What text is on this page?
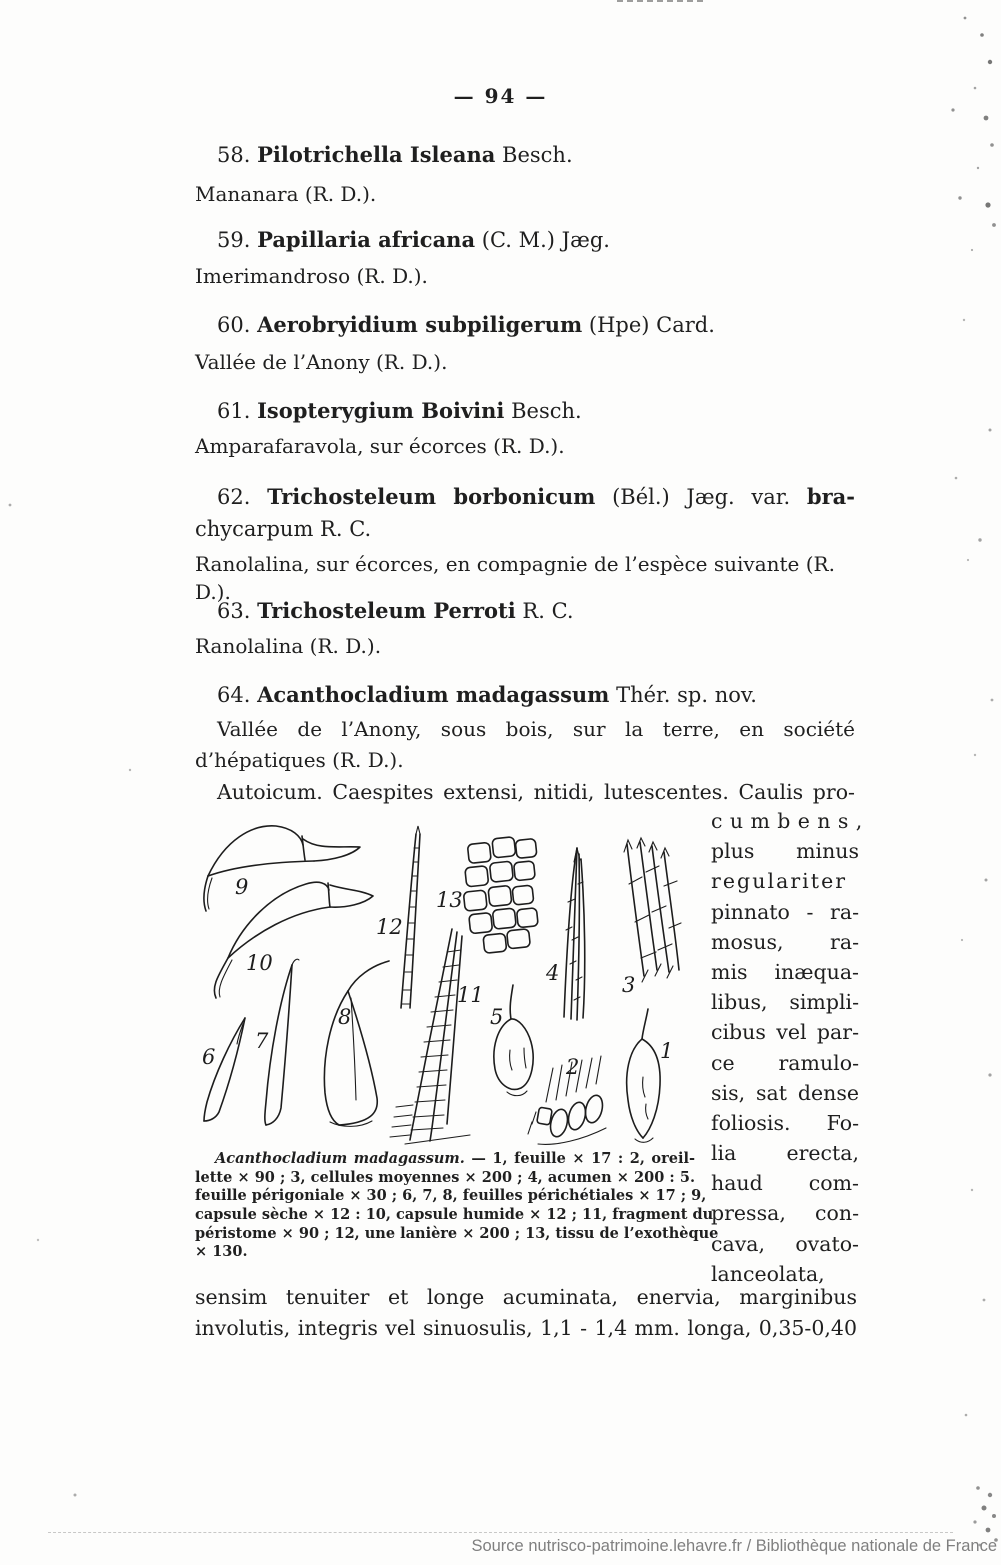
— 94 —
58. Pilotrichella Isleana Besch.
Mananara (R. D.).
59. Papillaria africana (C. M.) Jæg.
Imerimandroso (R. D.).
60. Aerobryidium subpiligerum (Hpe) Card.
Vallée de l’Anony (R. D.).
61. Isopterygium Boivini Besch.
Amparafaravola, sur écorces (R. D.).
62. Trichosteleum borbonicum (Bél.) Jæg. var. bra-
chycarpum R. C.
Ranolalina, sur écorces, en compagnie de l’espèce suivante (R. D.).
63. Trichosteleum Perroti R. C.
Ranolalina (R. D.).
64. Acanthocladium madagassum Thér. sp. nov.
Vallée de l’Anony, sous bois, sur la terre, en société d’hépatiques (R. D.).
Autoicum. Caespites extensi, nitidi, lutescentes. Caulis pro-
9
10
12
13
4	3
6
7
8
11
5
2
1
cumbens,
plus minus
regulariter
pinnato - ra-
mosus, ra-
mis inæqua-
libus, simpli-
cibus vel par-
ce ramulo-
sis, sat dense
foliosis. Fo-
lia erecta,
haud com-
pressa, con-
cava, ovato-
lanceolata,
Acanthocladium madagassum. — 1, feuille × 17 : 2, oreil-
lette × 90 ; 3, cellules moyennes × 200 ; 4, acumen × 200 : 5.
feuille périgoniale × 30 ; 6, 7, 8, feuilles périchétiales × 17 ; 9,
capsule sèche × 12 : 10, capsule humide × 12 ; 11, fragment du
péristome × 90 ; 12, une lanière × 200 ; 13, tissu de l’exothèque
× 130.
sensim tenuiter et longe acuminata, enervia, marginibus
involutis, integris vel sinuosulis, 1,1 - 1,4 mm. longa, 0,35-0,40
Source nutrisco-patrimoine.lehavre.fr / Bibliothèque nationale de France
